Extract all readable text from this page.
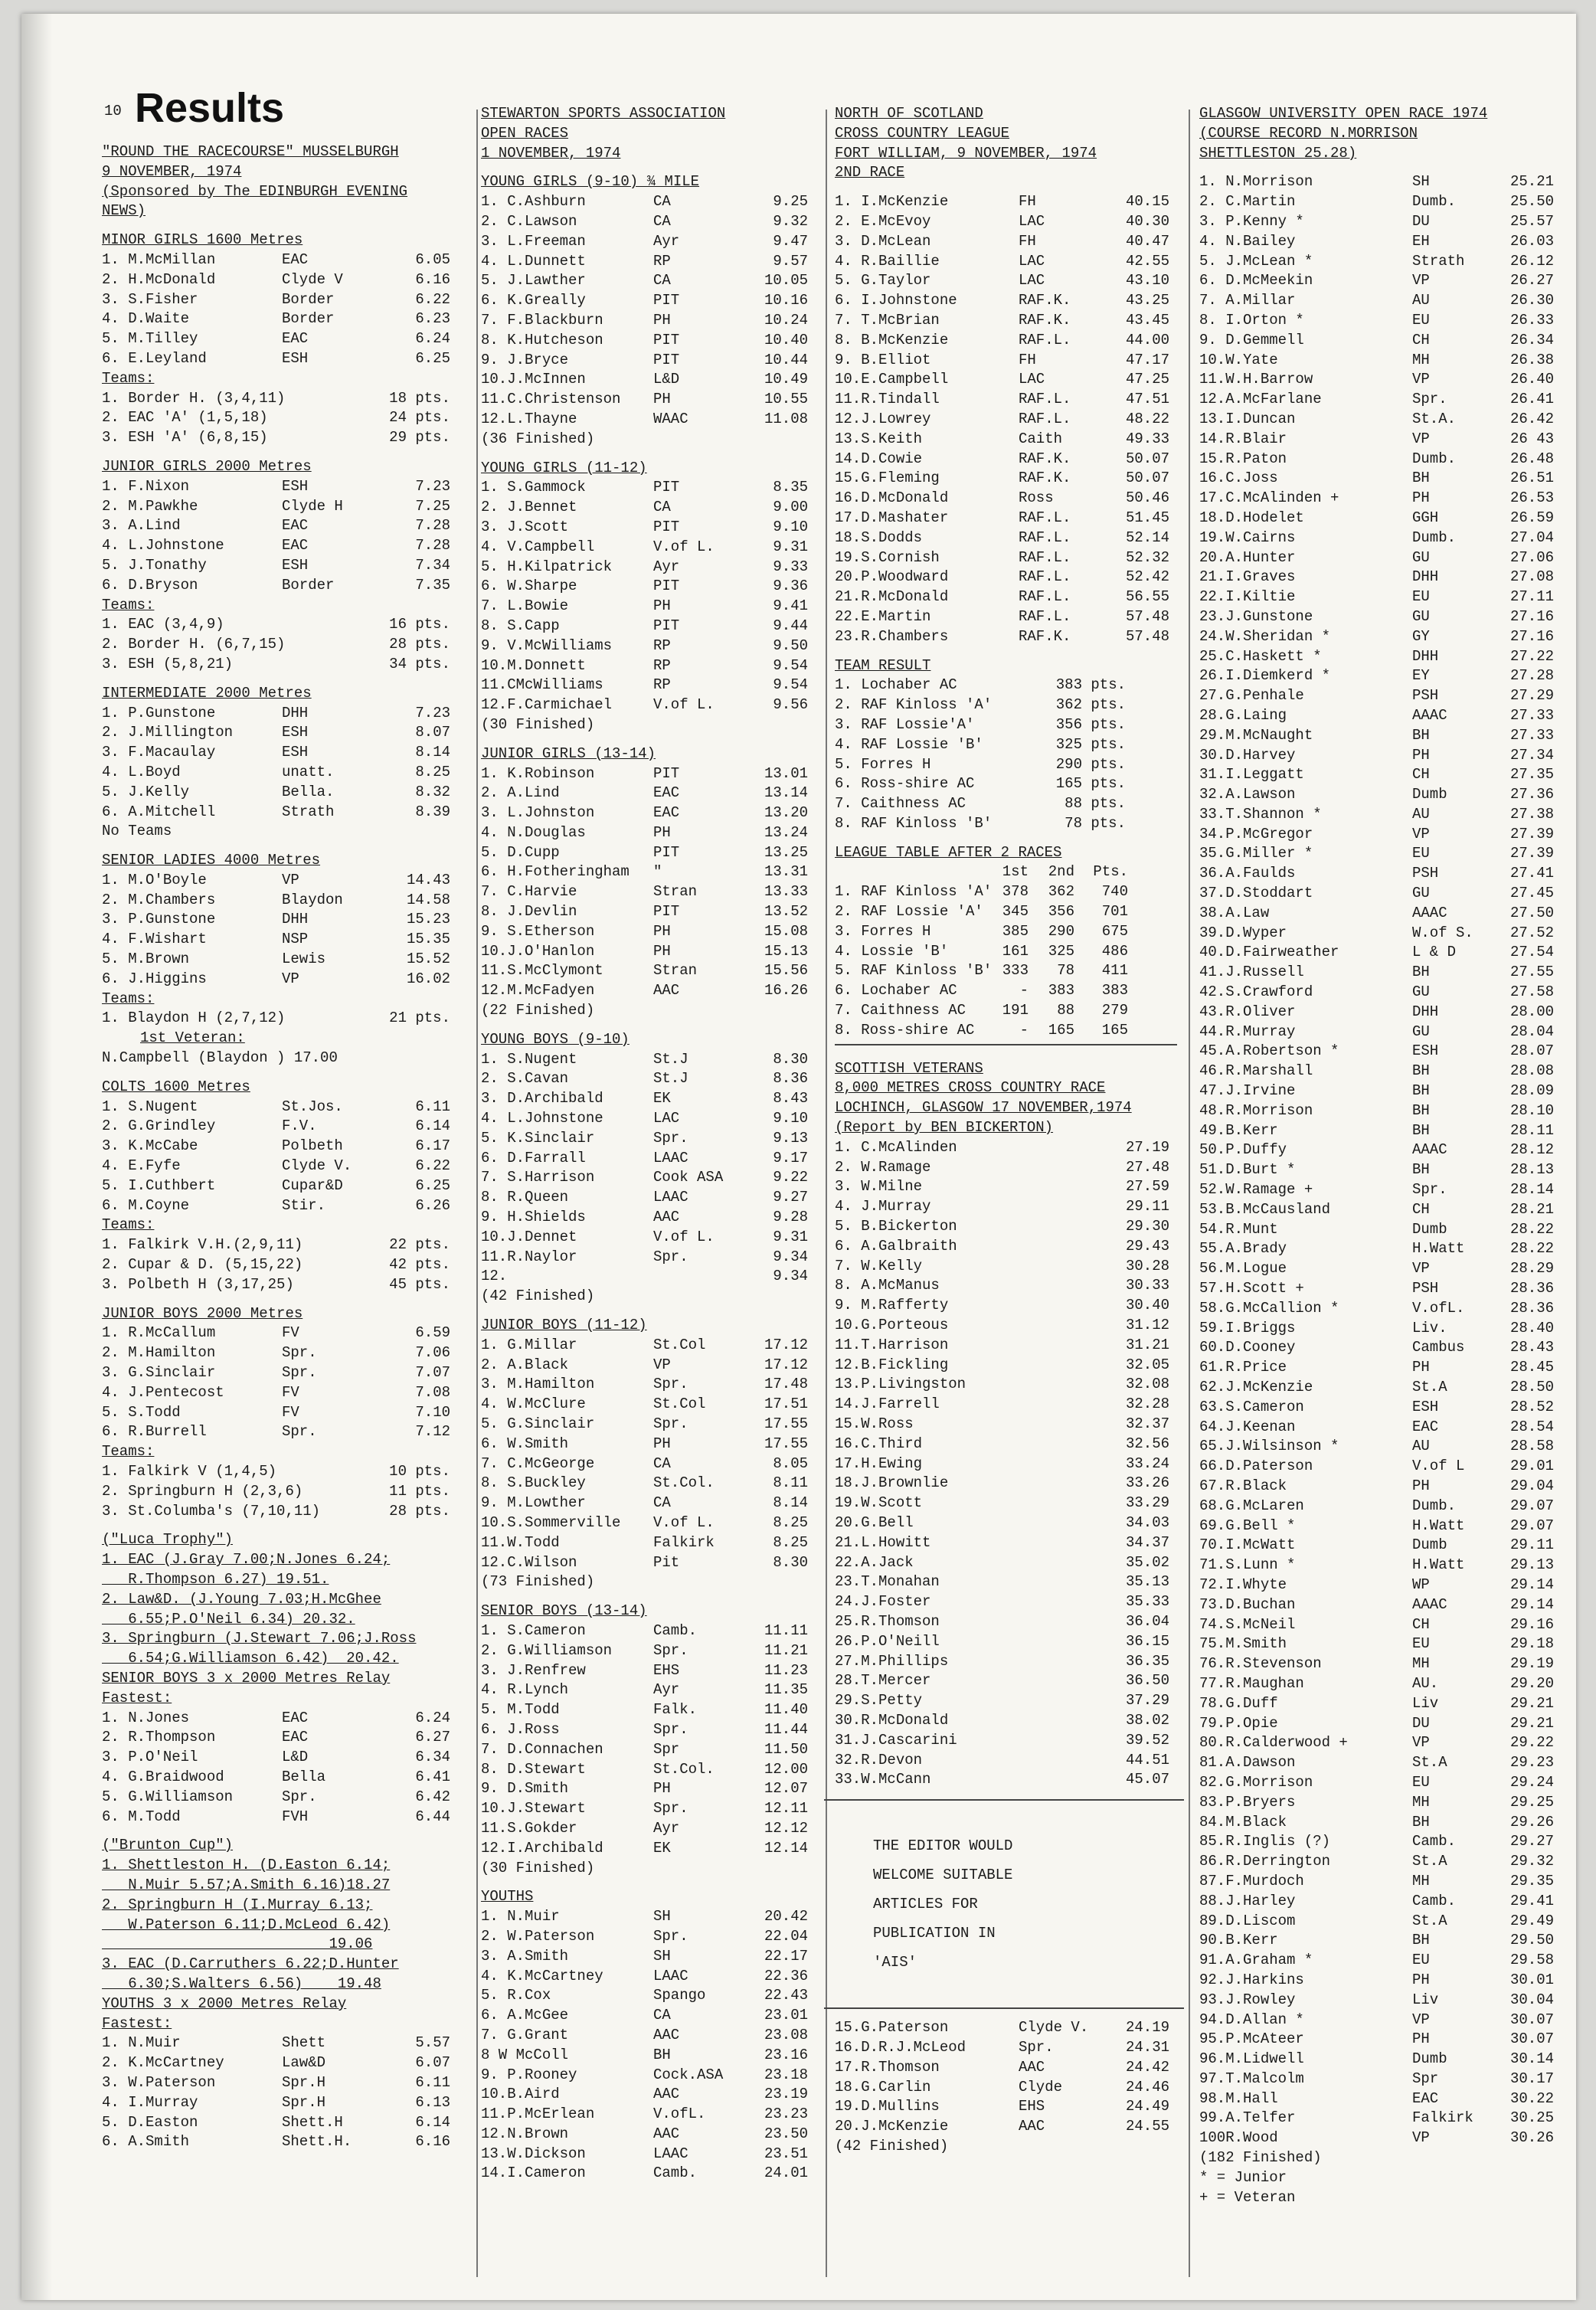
10 Results
"ROUND THE RACECOURSE" MUSSELBURGH
9 NOVEMBER, 1974
(Sponsored by The EDINBURGH EVENING
NEWS)
MINOR GIRLS 1600 Metres
1. M.McMillan	EAC	6.05
2. H.McDonald	Clyde V	6.16
3. S.Fisher	Border	6.22
4. D.Waite	Border	6.23
5. M.Tilley	EAC	6.24
6. E.Leyland	ESH	6.25
Teams:
1. Border H. (3,4,11)	18 pts.
2. EAC 'A' (1,5,18)	24 pts.
3. ESH 'A' (6,8,15)	29 pts.
JUNIOR GIRLS 2000 Metres
1. F.Nixon	ESH	7.23
2. M.Pawkhe	Clyde H	7.25
3. A.Lind	EAC	7.28
4. L.Johnstone	EAC	7.28
5. J.Tonathy	ESH	7.34
6. D.Bryson	Border	7.35
Teams:
1. EAC (3,4,9)	16 pts.
2. Border H. (6,7,15)	28 pts.
3. ESH (5,8,21)	34 pts.
INTERMEDIATE 2000 Metres
1. P.Gunstone	DHH	7.23
2. J.Millington	ESH	8.07
3. F.Macaulay	ESH	8.14
4. L.Boyd	unatt.	8.25
5. J.Kelly	Bella.	8.32
6. A.Mitchell	Strath	8.39
No Teams
SENIOR LADIES 4000 Metres
1. M.O'Boyle	VP	14.43
2. M.Chambers	Blaydon	14.58
3. P.Gunstone	DHH	15.23
4. F.Wishart	NSP	15.35
5. M.Brown	Lewis	15.52
6. J.Higgins	VP	16.02
Teams:
1. Blaydon H (2,7,12)	21 pts.
1st Veteran:
N.Campbell (Blaydon ) 17.00
COLTS 1600 Metres
1. S.Nugent	St.Jos.	6.11
2. G.Grindley	F.V.	6.14
3. K.McCabe	Polbeth	6.17
4. E.Fyfe	Clyde V.	6.22
5. I.Cuthbert	Cupar&D	6.25
6. M.Coyne	Stir.	6.26
Teams:
1. Falkirk V.H.(2,9,11)	22 pts.
2. Cupar & D. (5,15,22)	42 pts.
3. Polbeth H (3,17,25)	45 pts.
JUNIOR BOYS 2000 Metres
1. R.McCallum	FV	6.59
2. M.Hamilton	Spr.	7.06
3. G.Sinclair	Spr.	7.07
4. J.Pentecost	FV	7.08
5. S.Todd	FV	7.10
6. R.Burrell	Spr.	7.12
Teams:
1. Falkirk V (1,4,5)	10 pts.
2. Springburn H (2,3,6)	11 pts.
3. St.Columba's (7,10,11)	28 pts.
("Luca Trophy")
1. EAC (J.Gray 7.00;N.Jones 6.24;
R.Thompson 6.27) 19.51.
2. Law&D. (J.Young 7.03;H.McGhee
6.55;P.O'Neil 6.34) 20.32.
3. Springburn (J.Stewart 7.06;J.Ross
6.54;G.Williamson 6.42)  20.42.
SENIOR BOYS 3 x 2000 Metres Relay
Fastest:
1. N.Jones	EAC	6.24
2. R.Thompson	EAC	6.27
3. P.O'Neil	L&D	6.34
4. G.Braidwood	Bella	6.41
5. G.Williamson	Spr.	6.42
6. M.Todd	FVH	6.44
("Brunton Cup")
1. Shettleston H. (D.Easton 6.14;
N.Muir 5.57;A.Smith 6.16)18.27
2. Springburn H (I.Murray 6.13;
W.Paterson 6.11;D.McLeod 6.42)
19.06
3. EAC (D.Carruthers 6.22;D.Hunter
6.30;S.Walters 6.56)    19.48
YOUTHS 3 x 2000 Metres Relay
Fastest:
1. N.Muir	Shett	5.57
2. K.McCartney	Law&D	6.07
3. W.Paterson	Spr.H	6.11
4. I.Murray	Spr.H	6.13
5. D.Easton	Shett.H	6.14
6. A.Smith	Shett.H.	6.16
STEWARTON SPORTS ASSOCIATION
OPEN RACES
1 NOVEMBER, 1974
YOUNG GIRLS (9-10) ¾ MILE
1. C.Ashburn	CA	9.25
2. C.Lawson	CA	9.32
3. L.Freeman	Ayr	9.47
4. L.Dunnett	RP	9.57
5. J.Lawther	CA	10.05
6. K.Greally	PIT	10.16
7. F.Blackburn	PH	10.24
8. K.Hutcheson	PIT	10.40
9. J.Bryce	PIT	10.44
10.J.McInnen	L&D	10.49
11.C.Christenson	PH	10.55
12.L.Thayne	WAAC	11.08
(36 Finished)
YOUNG GIRLS (11-12)
1. S.Gammock	PIT	8.35
2. J.Bennet	CA	9.00
3. J.Scott	PIT	9.10
4. V.Campbell	V.of L.	9.31
5. H.Kilpatrick	Ayr	9.33
6. W.Sharpe	PIT	9.36
7. L.Bowie	PH	9.41
8. S.Capp	PIT	9.44
9. V.McWilliams	RP	9.50
10.M.Donnett	RP	9.54
11.CMcWilliams	RP	9.54
12.F.Carmichael	V.of L.	9.56
(30 Finished)
JUNIOR GIRLS (13-14)
1. K.Robinson	PIT	13.01
2. A.Lind	EAC	13.14
3. L.Johnston	EAC	13.20
4. N.Douglas	PH	13.24
5. D.Cupp	PIT	13.25
6. H.Fotheringham	"	13.31
7. C.Harvie	Stran	13.33
8. J.Devlin	PIT	13.52
9. S.Etherson	PH	15.08
10.J.O'Hanlon	PH	15.13
11.S.McClymont	Stran	15.56
12.M.McFadyen	AAC	16.26
(22 Finished)
YOUNG BOYS (9-10)
1. S.Nugent	St.J	8.30
2. S.Cavan	St.J	8.36
3. D.Archibald	EK	8.43
4. L.Johnstone	LAC	9.10
5. K.Sinclair	Spr.	9.13
6. D.Farrall	LAAC	9.17
7. S.Harrison	Cook ASA	9.22
8. R.Queen	LAAC	9.27
9. H.Shields	AAC	9.28
10.J.Dennet	V.of L.	9.31
11.R.Naylor	Spr.	9.34
12.	9.34
(42 Finished)
JUNIOR BOYS (11-12)
1. G.Millar	St.Col	17.12
2. A.Black	VP	17.12
3. M.Hamilton	Spr.	17.48
4. W.McClure	St.Col	17.51
5. G.Sinclair	Spr.	17.55
6. W.Smith	PH	17.55
7. C.McGeorge	CA	8.05
8. S.Buckley	St.Col.	8.11
9. M.Lowther	CA	8.14
10.S.Sommerville	V.of L.	8.25
11.W.Todd	Falkirk	8.25
12.C.Wilson	Pit	8.30
(73 Finished)
SENIOR BOYS (13-14)
1. S.Cameron	Camb.	11.11
2. G.Williamson	Spr.	11.21
3. J.Renfrew	EHS	11.23
4. R.Lynch	Ayr	11.35
5. M.Todd	Falk.	11.40
6. J.Ross	Spr.	11.44
7. D.Connachen	Spr	11.50
8. D.Stewart	St.Col.	12.00
9. D.Smith	PH	12.07
10.J.Stewart	Spr.	12.11
11.S.Gokder	Ayr	12.12
12.I.Archibald	EK	12.14
(30 Finished)
YOUTHS
1. N.Muir	SH	20.42
2. W.Paterson	Spr.	22.04
3. A.Smith	SH	22.17
4. K.McCartney	LAAC	22.36
5. R.Cox	Spango	22.43
6. A.McGee	CA	23.01
7. G.Grant	AAC	23.08
8 W McColl	BH	23.16
9. P.Rooney	Cock.ASA	23.18
10.B.Aird	AAC	23.19
11.P.McErlean	V.ofL.	23.23
12.N.Brown	AAC	23.50
13.W.Dickson	LAAC	23.51
14.I.Cameron	Camb.	24.01
NORTH OF SCOTLAND
CROSS COUNTRY LEAGUE
FORT WILLIAM, 9 NOVEMBER, 1974
2ND RACE
1. I.McKenzie	FH	40.15
2. E.McEvoy	LAC	40.30
3. D.McLean	FH	40.47
4. R.Baillie	LAC	42.55
5. G.Taylor	LAC	43.10
6. I.Johnstone	RAF.K.	43.25
7. T.McBrian	RAF.K.	43.45
8. B.McKenzie	RAF.L.	44.00
9. B.Elliot	FH	47.17
10.E.Campbell	LAC	47.25
11.R.Tindall	RAF.L.	47.51
12.J.Lowrey	RAF.L.	48.22
13.S.Keith	Caith	49.33
14.D.Cowie	RAF.K.	50.07
15.G.Fleming	RAF.K.	50.07
16.D.McDonald	Ross	50.46
17.D.Mashater	RAF.L.	51.45
18.S.Dodds	RAF.L.	52.14
19.S.Cornish	RAF.L.	52.32
20.P.Woodward	RAF.L.	52.42
21.R.McDonald	RAF.L.	56.55
22.E.Martin	RAF.L.	57.48
23.R.Chambers	RAF.K.	57.48
TEAM RESULT
1. Lochaber AC	383 pts.
2. RAF Kinloss 'A'	362 pts.
3. RAF Lossie'A'	356 pts.
4. RAF Lossie 'B'	325 pts.
5. Forres H	290 pts.
6. Ross-shire AC	165 pts.
7. Caithness AC	88 pts.
8. RAF Kinloss 'B'	78 pts.
LEAGUE TABLE AFTER 2 RACES
1st	2nd	Pts.
1. RAF Kinloss 'A' 378	362	740
2. RAF Lossie 'A'	345	356	701
3. Forres H	385	290	675
4. Lossie 'B'	161	325	486
5. RAF Kinloss 'B' 333	78	411
6. Lochaber AC	-	383	383
7. Caithness AC	191	88	279
8. Ross-shire AC	-	165	165
SCOTTISH VETERANS
8,000 METRES CROSS COUNTRY RACE
LOCHINCH, GLASGOW 17 NOVEMBER,1974
(Report by BEN BICKERTON)
1. C.McAlinden	27.19
2. W.Ramage	27.48
3. W.Milne	27.59
4. J.Murray	29.11
5. B.Bickerton	29.30
6. A.Galbraith	29.43
7. W.Kelly	30.28
8. A.McManus	30.33
9. M.Rafferty	30.40
10.G.Porteous	31.12
11.T.Harrison	31.21
12.B.Fickling	32.05
13.P.Livingston	32.08
14.J.Farrell	32.28
15.W.Ross	32.37
16.C.Third	32.56
17.H.Ewing	33.24
18.J.Brownlie	33.26
19.W.Scott	33.29
20.G.Bell	34.03
21.L.Howitt	34.37
22.A.Jack	35.02
23.T.Monahan	35.13
24.J.Foster	35.33
25.R.Thomson	36.04
26.P.O'Neill	36.15
27.M.Phillips	36.35
28.T.Mercer	36.50
29.S.Petty	37.29
30.R.McDonald	38.02
31.J.Cascarini	39.52
32.R.Devon	44.51
33.W.McCann	45.07
THE EDITOR WOULD
WELCOME SUITABLE
ARTICLES FOR
PUBLICATION IN
'AIS'
15.G.Paterson	Clyde V.	24.19
16.D.R.J.McLeod	Spr.	24.31
17.R.Thomson	AAC	24.42
18.G.Carlin	Clyde	24.46
19.D.Mullins	EHS	24.49
20.J.McKenzie	AAC	24.55
(42 Finished)
GLASGOW UNIVERSITY OPEN RACE 1974
(COURSE RECORD N.MORRISON
SHETTLESTON 25.28)
1. N.Morrison	SH	25.21
2. C.Martin	Dumb.	25.50
3. P.Kenny *	DU	25.57
4. N.Bailey	EH	26.03
5. J.McLean *	Strath	26.12
6. D.McMeekin	VP	26.27
7. A.Millar	AU	26.30
8. I.Orton *	EU	26.33
9. D.Gemmell	CH	26.34
10.W.Yate	MH	26.38
11.W.H.Barrow	VP	26.40
12.A.McFarlane	Spr.	26.41
13.I.Duncan	St.A.	26.42
14.R.Blair	VP	26 43
15.R.Paton	Dumb.	26.48
16.C.Joss	BH	26.51
17.C.McAlinden +	PH	26.53
18.D.Hodelet	GGH	26.59
19.W.Cairns	Dumb.	27.04
20.A.Hunter	GU	27.06
21.I.Graves	DHH	27.08
22.I.Kiltie	EU	27.11
23.J.Gunstone	GU	27.16
24.W.Sheridan *	GY	27.16
25.C.Haskett *	DHH	27.22
26.I.Diemkerd *	EY	27.28
27.G.Penhale	PSH	27.29
28.G.Laing	AAAC	27.33
29.M.McNaught	BH	27.33
30.D.Harvey	PH	27.34
31.I.Leggatt	CH	27.35
32.A.Lawson	Dumb	27.36
33.T.Shannon *	AU	27.38
34.P.McGregor	VP	27.39
35.G.Miller *	EU	27.39
36.A.Faulds	PSH	27.41
37.D.Stoddart	GU	27.45
38.A.Law	AAAC	27.50
39.D.Wyper	W.of S.	27.52
40.D.Fairweather	L & D	27.54
41.J.Russell	BH	27.55
42.S.Crawford	GU	27.58
43.R.Oliver	DHH	28.00
44.R.Murray	GU	28.04
45.A.Robertson *	ESH	28.07
46.R.Marshall	BH	28.08
47.J.Irvine	BH	28.09
48.R.Morrison	BH	28.10
49.B.Kerr	BH	28.11
50.P.Duffy	AAAC	28.12
51.D.Burt *	BH	28.13
52.W.Ramage +	Spr.	28.14
53.B.McCausland	CH	28.21
54.R.Munt	Dumb	28.22
55.A.Brady	H.Watt	28.22
56.M.Logue	VP	28.29
57.H.Scott +	PSH	28.36
58.G.McCallion *	V.ofL.	28.36
59.I.Briggs	Liv.	28.40
60.D.Cooney	Cambus	28.43
61.R.Price	PH	28.45
62.J.McKenzie	St.A	28.50
63.S.Cameron	ESH	28.52
64.J.Keenan	EAC	28.54
65.J.Wilsinson *	AU	28.58
66.D.Paterson	V.of L	29.01
67.R.Black	PH	29.04
68.G.McLaren	Dumb.	29.07
69.G.Bell *	H.Watt	29.07
70.I.McWatt	Dumb	29.11
71.S.Lunn *	H.Watt	29.13
72.I.Whyte	WP	29.14
73.D.Buchan	AAAC	29.14
74.S.McNeil	CH	29.16
75.M.Smith	EU	29.18
76.R.Stevenson	MH	29.19
77.R.Maughan	AU.	29.20
78.G.Duff	Liv	29.21
79.P.Opie	DU	29.21
80.R.Calderwood +	VP	29.22
81.A.Dawson	St.A	29.23
82.G.Morrison	EU	29.24
83.P.Bryers	MH	29.25
84.M.Black	BH	29.26
85.R.Inglis (?)	Camb.	29.27
86.R.Derrington	St.A	29.32
87.F.Murdoch	MH	29.35
88.J.Harley	Camb.	29.41
89.D.Liscom	St.A	29.49
90.B.Kerr	BH	29.50
91.A.Graham *	EU	29.58
92.J.Harkins	PH	30.01
93.J.Rowley	Liv	30.04
94.D.Allan *	VP	30.07
95.P.McAteer	PH	30.07
96.M.Lidwell	Dumb	30.14
97.T.Malcolm	Spr	30.17
98.M.Hall	EAC	30.22
99.A.Telfer	Falkirk	30.25
100R.Wood	VP	30.26
(182 Finished)
* = Junior
+ = Veteran
